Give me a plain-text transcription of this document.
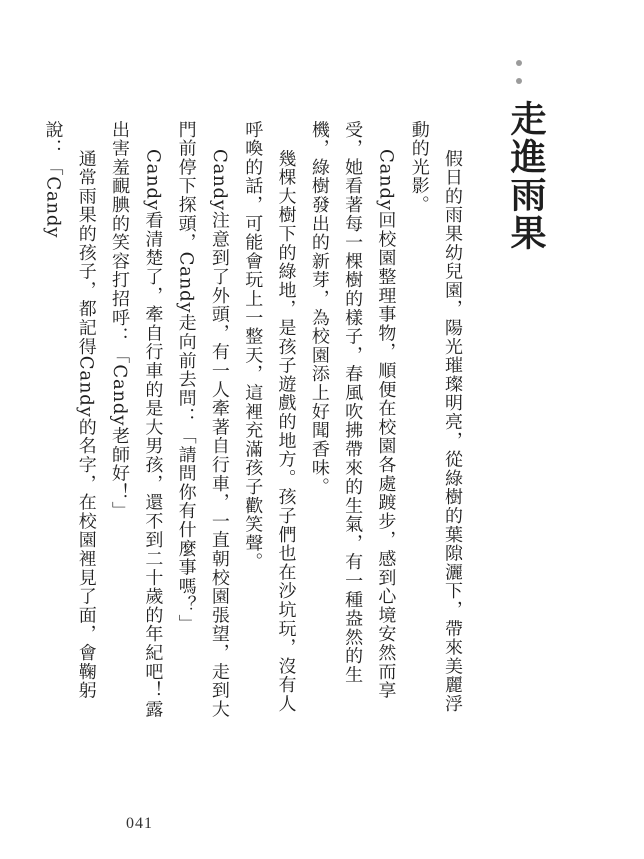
走進雨果

假日的雨果幼兒園，陽光璀璨明亮，從綠樹的葉隙灑下，帶來美麗浮動的光影。

Candy回校園整理事物，順便在校園各處踱步，感到心境安然而享受，她看著每一棵樹的樣子，春風吹拂帶來的生氣，有一種盎然的生機，綠樹發出的新芽，為校園添上好聞香味。

幾棵大樹下的綠地，是孩子遊戲的地方。孩子們也在沙坑玩，沒有人呼喚的話，可能會玩上一整天，這裡充滿孩子歡笑聲。

Candy注意到了外頭，有一人牽著自行車，一直朝校園張望，走到大門前停下探頭，Candy走向前去問：「請問你有什麼事嗎？」

Candy看清楚了，牽自行車的是大男孩，還不到二十歲的年紀吧！露出害羞靦腆的笑容打招呼：「Candy老師好！」

通常雨果的孩子，都記得Candy的名字，在校園裡見了面，會鞠躬說：「Candy

041
